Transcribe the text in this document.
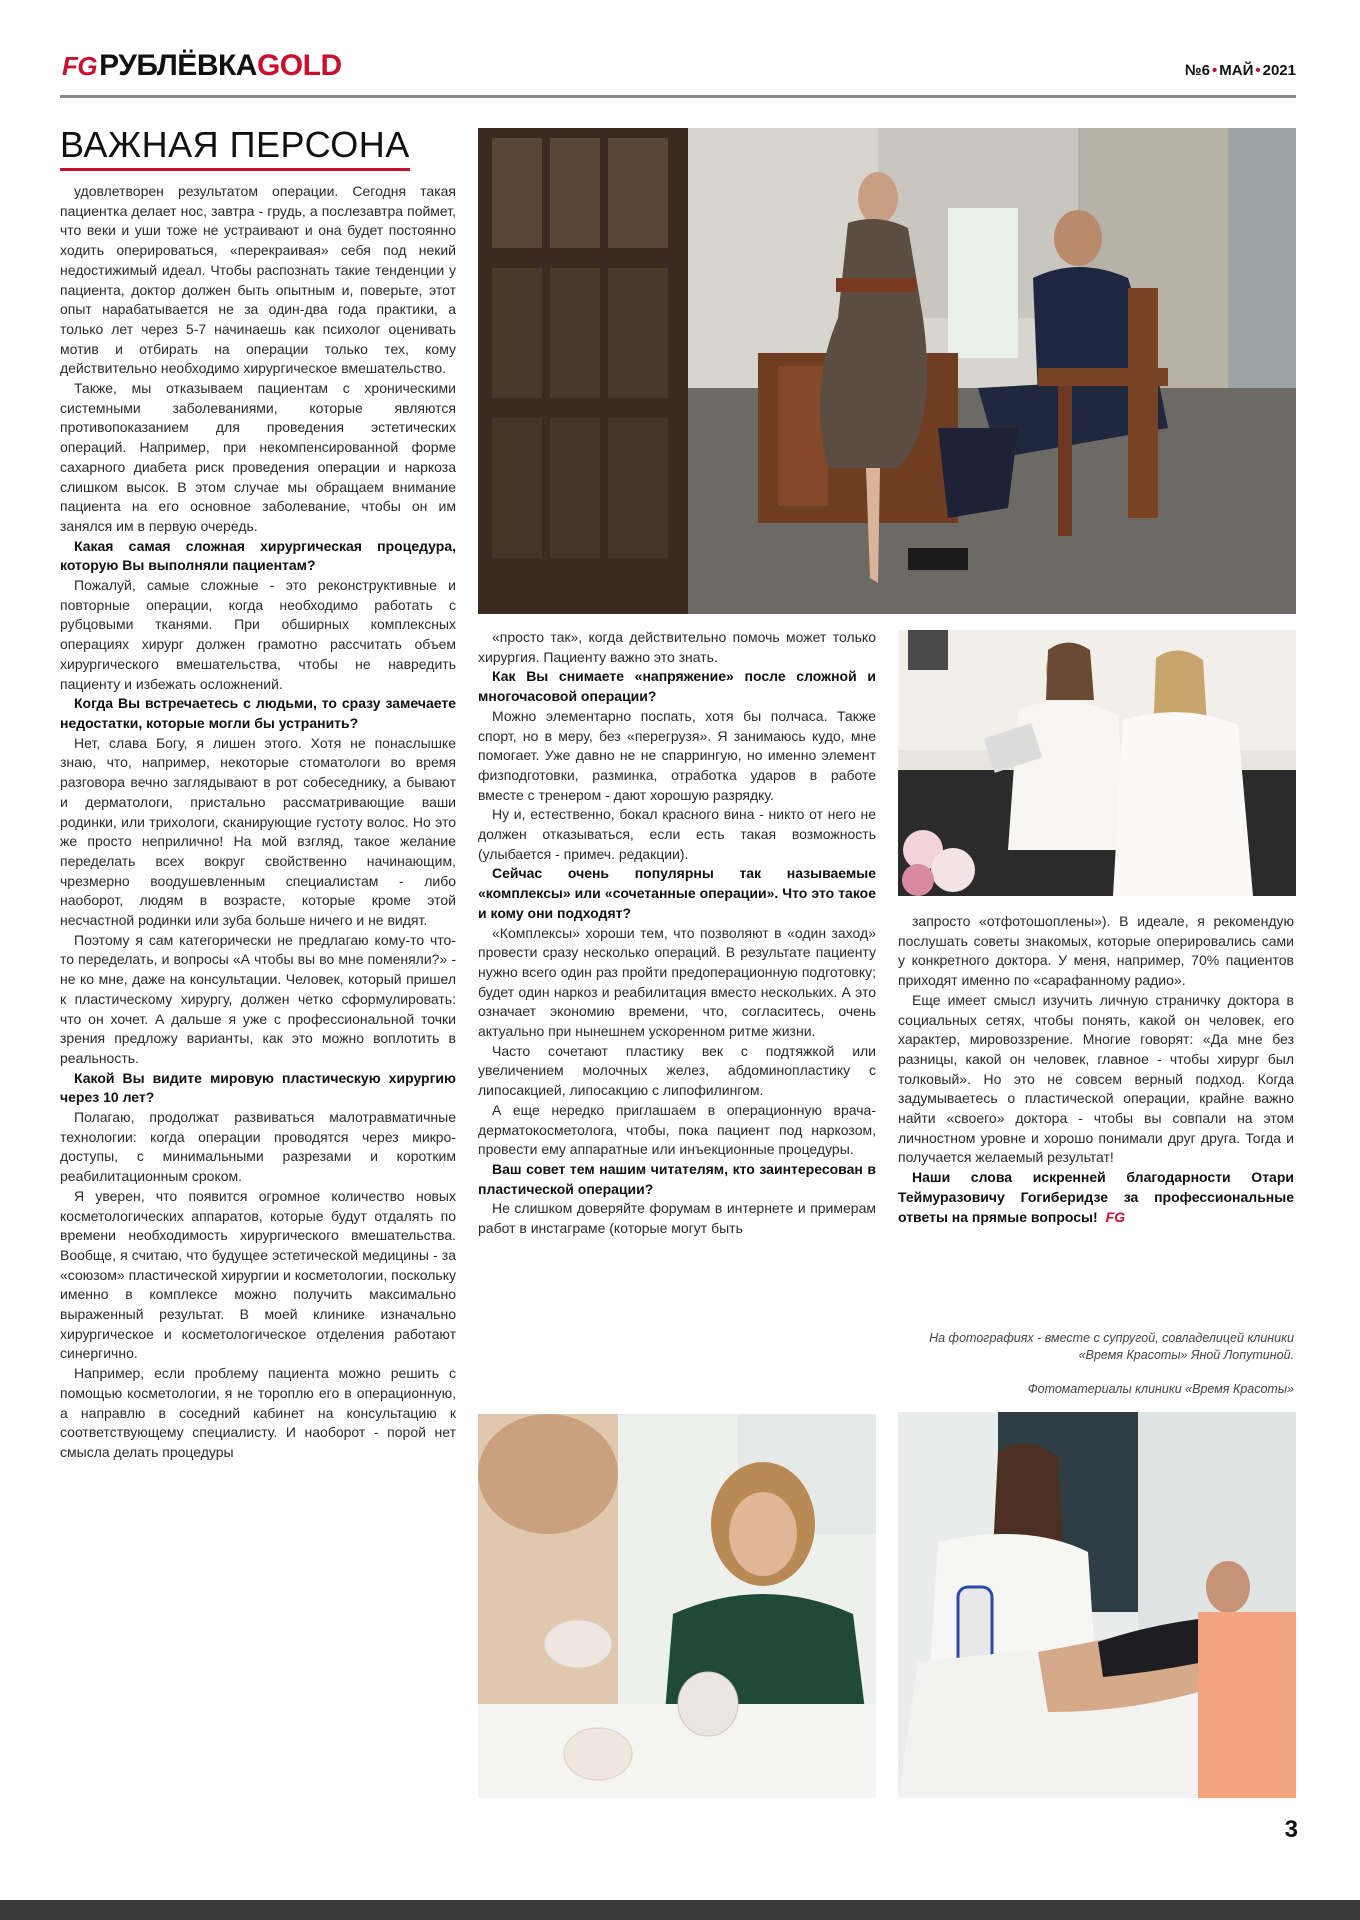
FG РУБЛЁВКА GOLD	№6 • МАЙ • 2021
ВАЖНАЯ ПЕРСОНА

удовлетворен результатом операции. Сегодня такая пациентка делает нос, завтра - грудь, а послезавтра поймет, что веки и уши тоже не устраивают и она будет постоянно ходить оперироваться, «перекраивая» себя под некий недостижимый идеал. Чтобы распознать такие тенденции у пациента, доктор должен быть опытным и, поверьте, этот опыт нарабатывается не за один-два года практики, а только лет через 5-7 начинаешь как психолог оценивать мотив и отбирать на операции только тех, кому действительно необходимо хирургическое вмешательство.

Также, мы отказываем пациентам с хроническими системными заболеваниями, которые являются противопоказанием для проведения эстетических операций. Например, при некомпенсированной форме сахарного диабета риск проведения операции и наркоза слишком высок. В этом случае мы обращаем внимание пациента на его основное заболевание, чтобы он им занялся им в первую очередь.

Какая самая сложная хирургическая процедура, которую Вы выполняли пациентам?

Пожалуй, самые сложные - это реконструктивные и повторные операции, когда необходимо работать с рубцовыми тканями. При обширных комплексных операциях хирург должен грамотно рассчитать объем хирургического вмешательства, чтобы не навредить пациенту и избежать осложнений.

Когда Вы встречаетесь с людьми, то сразу замечаете недостатки, которые могли бы устранить?

Нет, слава Богу, я лишен этого. Хотя не понаслышке знаю, что, например, некоторые стоматологи во время разговора вечно заглядывают в рот собеседнику, а бывают и дерматологи, пристально рассматривающие ваши родинки, или трихологи, сканирующие густоту волос. Но это же просто неприлично! На мой взгляд, такое желание переделать всех вокруг свойственно начинающим, чрезмерно воодушевленным специалистам - либо наоборот, людям в возрасте, которые кроме этой несчастной родинки или зуба больше ничего и не видят.

Поэтому я сам категорически не предлагаю кому-то что-то переделать, и вопросы «А чтобы вы во мне поменяли?» - не ко мне, даже на консультации. Человек, который пришел к пластическому хирургу, должен четко сформулировать: что он хочет. А дальше я уже с профессиональной точки зрения предложу варианты, как это можно воплотить в реальность.

Какой Вы видите мировую пластическую хирургию через 10 лет?

Полагаю, продолжат развиваться малотравматичные технологии: когда операции проводятся через микро-доступы, с минимальными разрезами и коротким реабилитационным сроком.

Я уверен, что появится огромное количество новых косметологических аппаратов, которые будут отдалять по времени необходимость хирургического вмешательства. Вообще, я считаю, что будущее эстетической медицины - за «союзом» пластической хирургии и косметологии, поскольку именно в комплексе можно получить максимально выраженный результат. В моей клинике изначально хирургическое и косметологическое отделения работают синергично.

Например, если проблему пациента можно решить с помощью косметологии, я не тороплю его в операционную, а направлю в соседний кабинет на консультацию к соответствующему специалисту. И наоборот - порой нет смысла делать процедуры

«просто так», когда действительно помочь может только хирургия. Пациенту важно это знать.

Как Вы снимаете «напряжение» после сложной и многочасовой операции?

Можно элементарно поспать, хотя бы полчаса. Также спорт, но в меру, без «перегрузя». Я занимаюсь кудо, мне помогает. Уже давно не не спаррингую, но именно элемент физподготовки, разминка, отработка ударов в работе вместе с тренером - дают хорошую разрядку.

Ну и, естественно, бокал красного вина - никто от него не должен отказываться, если есть такая возможность (улыбается - примеч. редакции).

Сейчас очень популярны так называемые «комплексы» или «сочетанные операции». Что это такое и кому они подходят?

«Комплексы» хороши тем, что позволяют в «один заход» провести сразу несколько операций. В результате пациенту нужно всего один раз пройти предоперационную подготовку; будет один наркоз и реабилитация вместо нескольких. А это означает экономию времени, что, согласитесь, очень актуально при нынешнем ускоренном ритме жизни.

Часто сочетают пластику век с подтяжкой или увеличением молочных желез, абдоминопластику с липосакцией, липосакцию с липофилингом.

А еще нередко приглашаем в операционную врача-дерматокосметолога, чтобы, пока пациент под наркозом, провести ему аппаратные или инъекционные процедуры.

Ваш совет тем нашим читателям, кто заинтересован в пластической операции?

Не слишком доверяйте форумам в интернете и примерам работ в инстаграме (которые могут быть

запросто «отфотошоплены»). В идеале, я рекомендую послушать советы знакомых, которые оперировались сами у конкретного доктора. У меня, например, 70% пациентов приходят именно по «сарафанному радио».

Еще имеет смысл изучить личную страничку доктора в социальных сетях, чтобы понять, какой он человек, его характер, мировоззрение. Многие говорят: «Да мне без разницы, какой он человек, главное - чтобы хирург был толковый». Но это не совсем верный подход. Когда задумываетесь о пластической операции, крайне важно найти «своего» доктора - чтобы вы совпали на этом личностном уровне и хорошо понимали друг друга. Тогда и получается желаемый результат!

Наши слова искренней благодарности Отари Теймуразовичу Гогиберидзе за профессиональные ответы на прямые вопросы! FG

На фотографиях - вместе с супругой, совладелицей клиники «Время Красоты» Яной Лопутиной.
Фотоматериалы клиники «Время Красоты»
3
